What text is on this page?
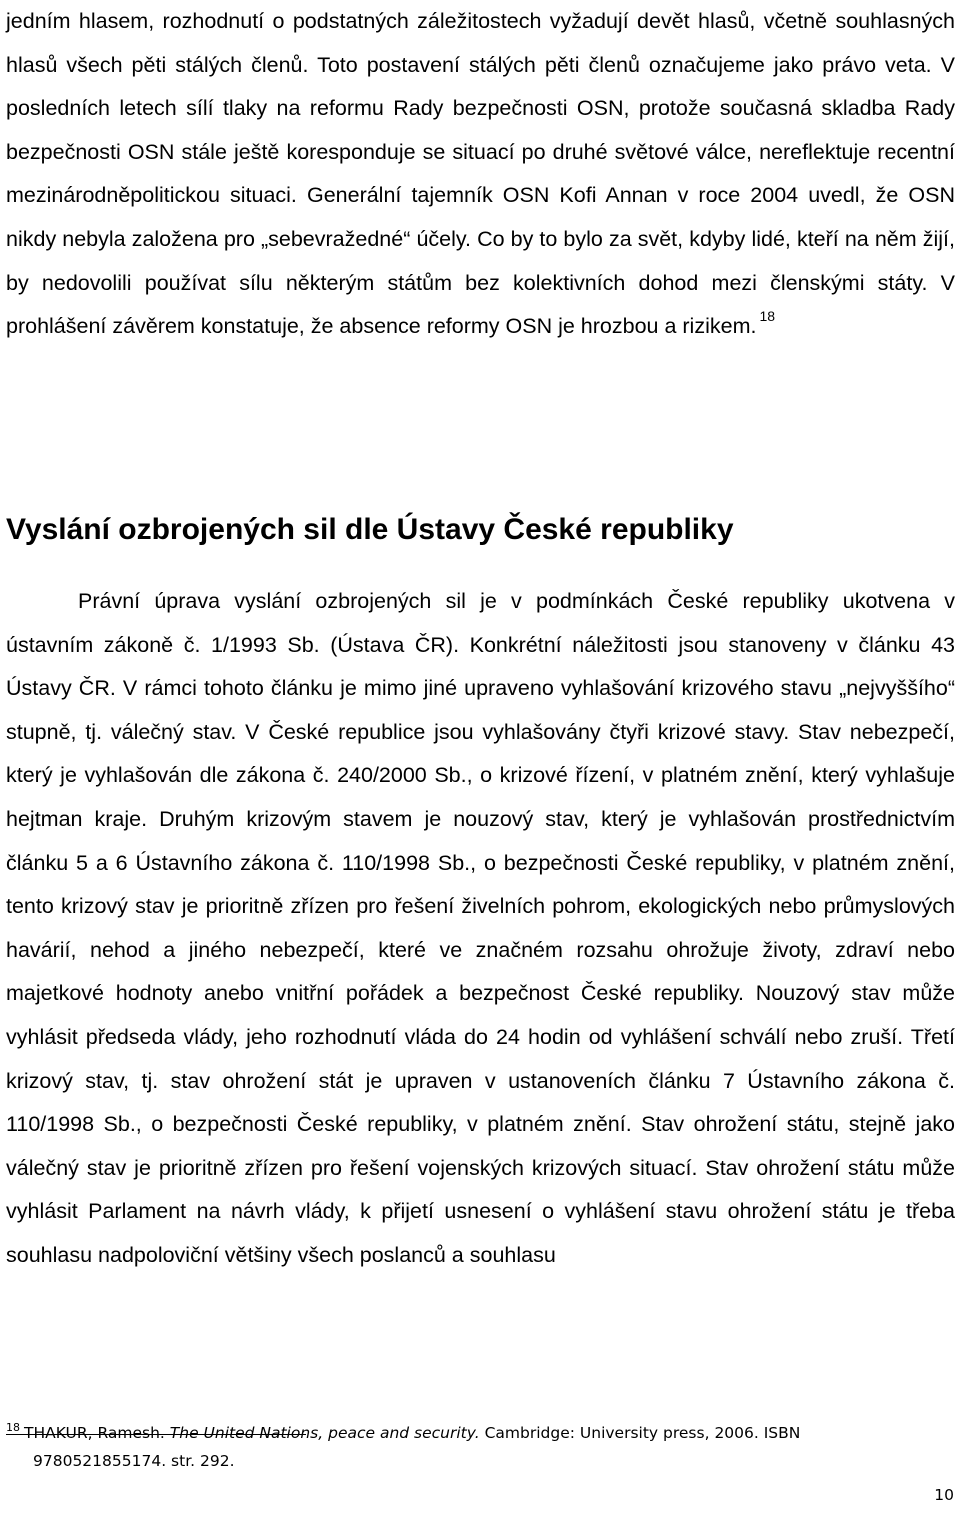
jedním hlasem, rozhodnutí o podstatných záležitostech vyžadují devět hlasů, včetně souhlasných hlasů všech pěti stálých členů. Toto postavení stálých pěti členů označujeme jako právo veta. V posledních letech sílí tlaky na reformu Rady bezpečnosti OSN, protože současná skladba Rady bezpečnosti OSN stále ještě koresponduje se situací po druhé světové válce, nereflektuje recentní mezinárodněpolitickou situaci. Generální tajemník OSN Kofi Annan v roce 2004 uvedl, že OSN nikdy nebyla založena pro „sebevražedné“ účely. Co by to bylo za svět, kdyby lidé, kteří na něm žijí, by nedovolili používat sílu některým státům bez kolektivních dohod mezi členskými státy. V prohlášení závěrem konstatuje, že absence reformy OSN je hrozbou a rizikem. $^{18}$

Vyslání ozbrojených sil dle Ústavy České republiky

Právní úprava vyslání ozbrojených sil je v podmínkách České republiky ukotvena v ústavním zákoně č. 1/1993 Sb. (Ústava ČR). Konkrétní náležitosti jsou stanoveny v článku 43 Ústavy ČR. V rámci tohoto článku je mimo jiné upraveno vyhlašování krizového stavu „nejvyššího“ stupně, tj. válečný stav. V České republice jsou vyhlašovány čtyři krizové stavy. Stav nebezpečí, který je vyhlašován dle zákona č. 240/2000 Sb., o krizové řízení, v platném znění, který vyhlašuje hejtman kraje. Druhým krizovým stavem je nouzový stav, který je vyhlašován prostřednictvím článku 5 a 6 Ústavního zákona č. 110/1998 Sb., o bezpečnosti České republiky, v platném znění, tento krizový stav je prioritně zřízen pro řešení živelních pohrom, ekologických nebo průmyslových havárií, nehod a jiného nebezpečí, které ve značném rozsahu ohrožuje životy, zdraví nebo majetkové hodnoty anebo vnitřní pořádek a bezpečnost České republiky. Nouzový stav může vyhlásit předseda vlády, jeho rozhodnutí vláda do 24 hodin od vyhlášení schválí nebo zruší. Třetí krizový stav, tj. stav ohrožení stát je upraven v ustanoveních článku 7 Ústavního zákona č. 110/1998 Sb., o bezpečnosti České republiky, v platném znění. Stav ohrožení státu, stejně jako válečný stav je prioritně zřízen pro řešení vojenských krizových situací. Stav ohrožení státu může vyhlásit Parlament na návrh vlády, k přijetí usnesení o vyhlášení stavu ohrožení státu je třeba souhlasu nadpoloviční většiny všech poslanců a souhlasu

$^{18}$ THAKUR, Ramesh. The United Nations, peace and security. Cambridge: University press, 2006. ISBN
9780521855174. str. 292.

10
